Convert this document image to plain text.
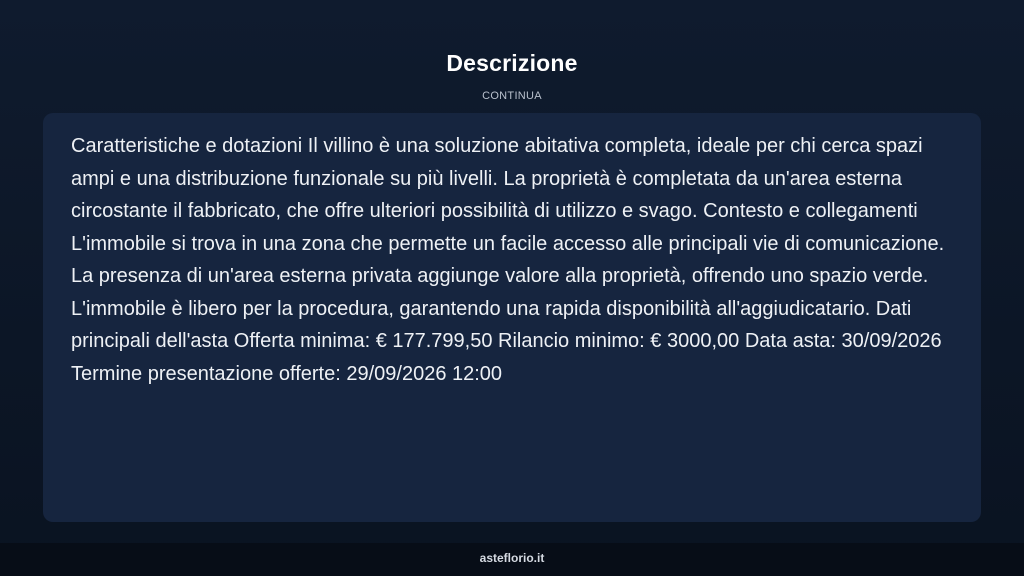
Descrizione
CONTINUA

Caratteristiche e dotazioni Il villino è una soluzione abitativa completa, ideale per chi cerca spazi ampi e una distribuzione funzionale su più livelli. La proprietà è completata da un'area esterna circostante il fabbricato, che offre ulteriori possibilità di utilizzo e svago. Contesto e collegamenti L'immobile si trova in una zona che permette un facile accesso alle principali vie di comunicazione. La presenza di un'area esterna privata aggiunge valore alla proprietà, offrendo uno spazio verde. L'immobile è libero per la procedura, garantendo una rapida disponibilità all'aggiudicatario. Dati principali dell'asta Offerta minima: € 177.799,50 Rilancio minimo: € 3000,00 Data asta: 30/09/2026 Termine presentazione offerte: 29/09/2026 12:00

asteflorio.it
